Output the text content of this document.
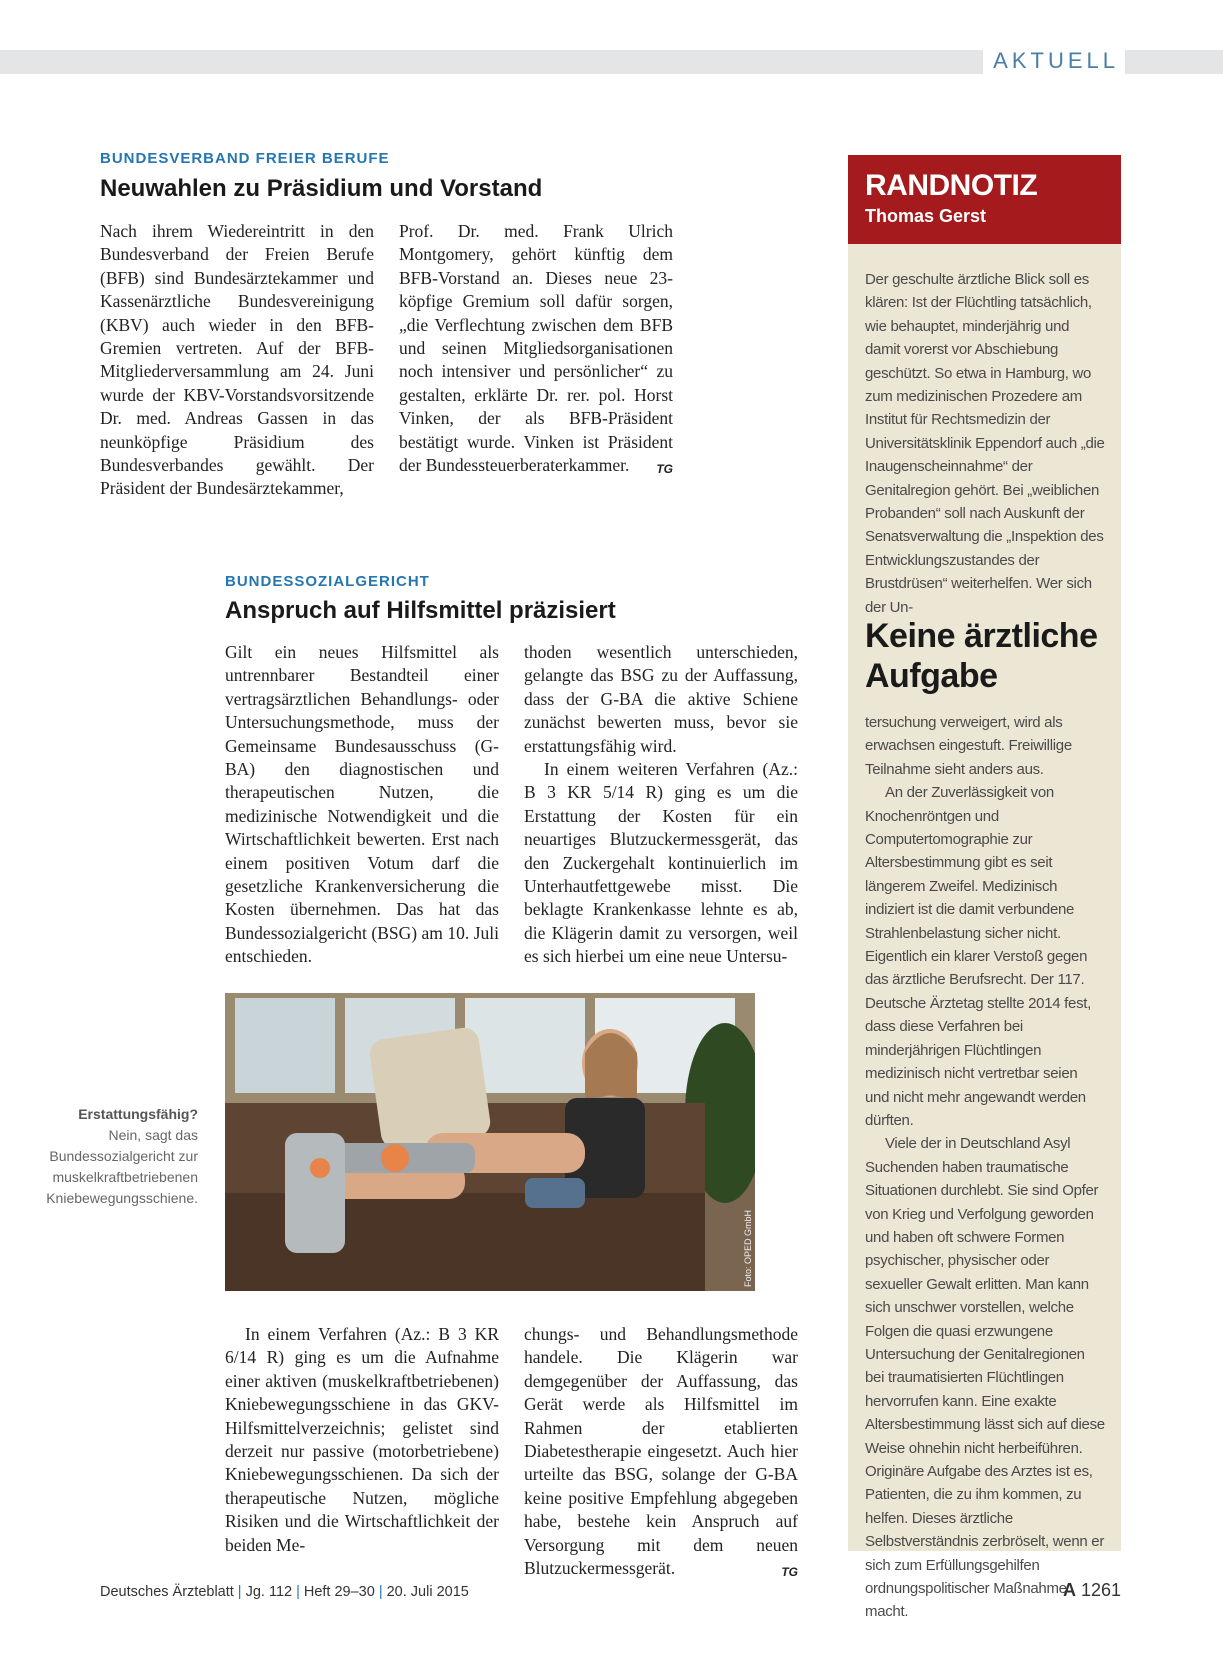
AKTUELL
BUNDESVERBAND FREIER BERUFE
Neuwahlen zu Präsidium und Vorstand

Nach ihrem Wiedereintritt in den Bundesverband der Freien Berufe (BFB) sind Bundesärztekammer und Kassenärztliche Bundesvereinigung (KBV) auch wieder in den BFB-Gremien vertreten. Auf der BFB-Mitgliederversammlung am 24. Juni wurde der KBV-Vorstandsvorsitzende Dr. med. Andreas Gassen in das neunköpfige Präsidium des Bundesverbandes gewählt. Der Präsident der Bundesärztekammer,

Prof. Dr. med. Frank Ulrich Montgomery, gehört künftig dem BFB-Vorstand an. Dieses neue 23-köpfige Gremium soll dafür sorgen, „die Verflechtung zwischen dem BFB und seinen Mitgliedsorganisationen noch intensiver und persönlicher“ zu gestalten, erklärte Dr. rer. pol. Horst Vinken, der als BFB-Präsident bestätigt wurde. Vinken ist Präsident der Bundessteuerberaterkammer. TG

BUNDESSOZIALGERICHT
Anspruch auf Hilfsmittel präzisiert

Gilt ein neues Hilfsmittel als untrennbarer Bestandteil einer vertragsärztlichen Behandlungs- oder Untersuchungsmethode, muss der Gemeinsame Bundesausschuss (G-BA) den diagnostischen und therapeutischen Nutzen, die medizinische Notwendigkeit und die Wirtschaftlichkeit bewerten. Erst nach einem positiven Votum darf die gesetzliche Krankenversicherung die Kosten übernehmen. Das hat das Bundessozialgericht (BSG) am 10. Juli entschieden.

thoden wesentlich unterschieden, gelangte das BSG zu der Auffassung, dass der G-BA die aktive Schiene zunächst bewerten muss, bevor sie erstattungsfähig wird.

In einem weiteren Verfahren (Az.: B 3 KR 5/14 R) ging es um die Erstattung der Kosten für ein neuartiges Blutzuckermessgerät, das den Zuckergehalt kontinuierlich im Unterhautfettgewebe misst. Die beklagte Krankenkasse lehnte es ab, die Klägerin damit zu versorgen, weil es sich hierbei um eine neue Untersu-

Foto: OPED GmbH
Erstattungsfähig?
Nein, sagt das Bundessozialgericht zur muskelkraftbetriebenen Kniebewegungsschiene.

In einem Verfahren (Az.: B 3 KR 6/14 R) ging es um die Aufnahme einer aktiven (muskelkraftbetriebenen) Kniebewegungsschiene in das GKV-Hilfsmittelverzeichnis; gelistet sind derzeit nur passive (motorbetriebene) Kniebewegungsschienen. Da sich der therapeutische Nutzen, mögliche Risiken und die Wirtschaftlichkeit der beiden Me-

chungs- und Behandlungsmethode handele. Die Klägerin war demgegenüber der Auffassung, das Gerät werde als Hilfsmittel im Rahmen der etablierten Diabetestherapie eingesetzt. Auch hier urteilte das BSG, solange der G-BA keine positive Empfehlung abgegeben habe, bestehe kein Anspruch auf Versorgung mit dem neuen Blutzuckermessgerät.	TG

RANDNOTIZ
Thomas Gerst

Der geschulte ärztliche Blick soll es klären: Ist der Flüchtling tatsächlich, wie behauptet, minderjährig und damit vorerst vor Abschiebung geschützt. So etwa in Hamburg, wo zum medizinischen Prozedere am Institut für Rechtsmedizin der Universitätsklinik Eppendorf auch „die Inaugenscheinnahme“ der Genitalregion gehört. Bei „weiblichen Probanden“ soll nach Auskunft der Senatsverwaltung die „Inspektion des Entwicklungszustandes der Brustdrüsen“ weiterhelfen. Wer sich der Un-

Keine ärztliche Aufgabe

tersuchung verweigert, wird als erwachsen eingestuft. Freiwillige Teilnahme sieht anders aus.

An der Zuverlässigkeit von Knochenröntgen und Computertomographie zur Altersbestimmung gibt es seit längerem Zweifel. Medizinisch indiziert ist die damit verbundene Strahlenbelastung sicher nicht. Eigentlich ein klarer Verstoß gegen das ärztliche Berufsrecht. Der 117. Deutsche Ärztetag stellte 2014 fest, dass diese Verfahren bei minderjährigen Flüchtlingen medizinisch nicht vertretbar seien und nicht mehr angewandt werden dürften.

Viele der in Deutschland Asyl Suchenden haben traumatische Situationen durchlebt. Sie sind Opfer von Krieg und Verfolgung geworden und haben oft schwere Formen psychischer, physischer oder sexueller Gewalt erlitten. Man kann sich unschwer vorstellen, welche Folgen die quasi erzwungene Untersuchung der Genitalregionen bei traumatisierten Flüchtlingen hervorrufen kann. Eine exakte Altersbestimmung lässt sich auf diese Weise ohnehin nicht herbeiführen. Originäre Aufgabe des Arztes ist es, Patienten, die zu ihm kommen, zu helfen. Dieses ärztliche Selbstverständnis zerbröselt, wenn er sich zum Erfüllungsgehilfen ordnungspolitischer Maßnahme macht.

Deutsches Ärzteblatt | Jg. 112 | Heft 29–30 | 20. Juli 2015	A 1261
